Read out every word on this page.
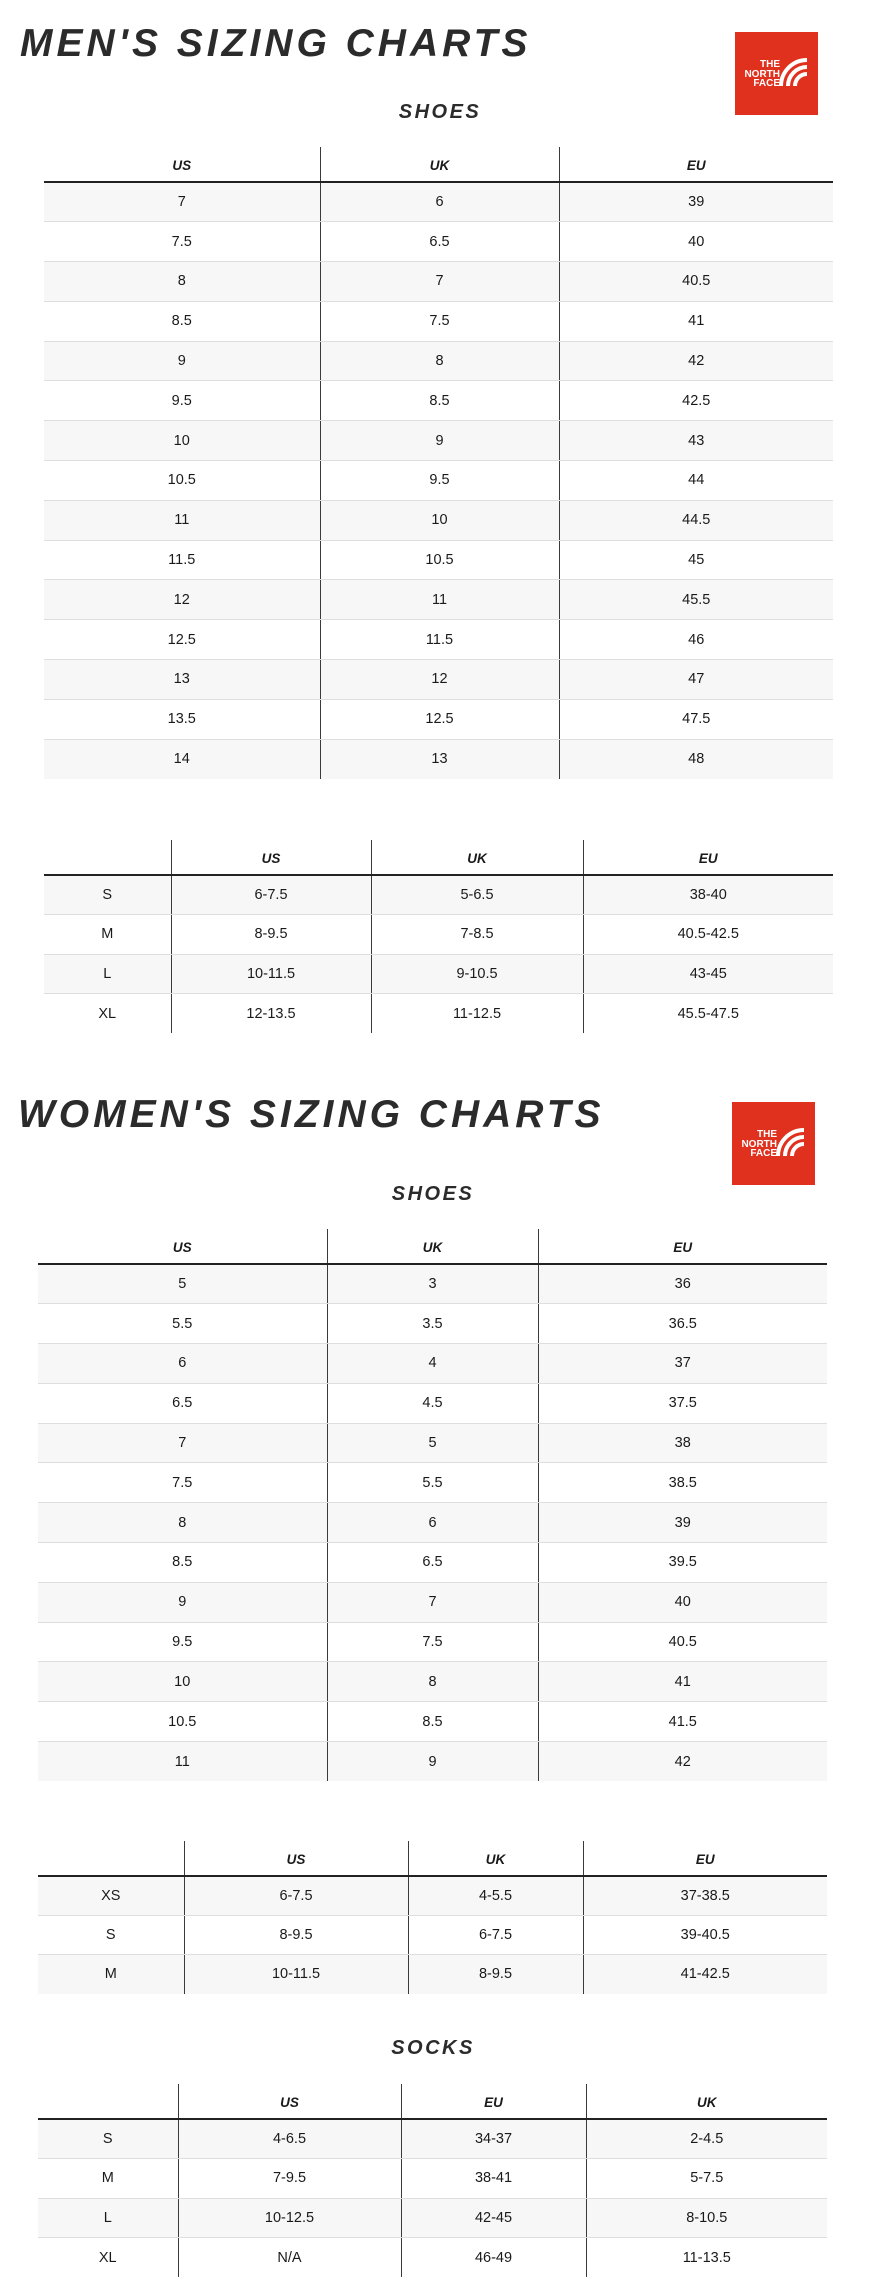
MEN'S SIZING CHARTS	THE
NORTH
FACE
SHOES
US	UK	EU
7	6	39
7.5	6.5	40
8	7	40.5
8.5	7.5	41
9	8	42
9.5	8.5	42.5
10	9	43
10.5	9.5	44
11	10	44.5
11.5	10.5	45
12	11	45.5
12.5	11.5	46
13	12	47
13.5	12.5	47.5
14	13	48
	US	UK	EU
S	6-7.5	5-6.5	38-40
M	8-9.5	7-8.5	40.5-42.5
L	10-11.5	9-10.5	43-45
XL	12-13.5	11-12.5	45.5-47.5
WOMEN'S SIZING CHARTS	THE
NORTH
FACE
SHOES
US	UK	EU
5	3	36
5.5	3.5	36.5
6	4	37
6.5	4.5	37.5
7	5	38
7.5	5.5	38.5
8	6	39
8.5	6.5	39.5
9	7	40
9.5	7.5	40.5
10	8	41
10.5	8.5	41.5
11	9	42
	US	UK	EU
XS	6-7.5	4-5.5	37-38.5
S	8-9.5	6-7.5	39-40.5
M	10-11.5	8-9.5	41-42.5
SOCKS
	US	EU	UK
S	4-6.5	34-37	2-4.5
M	7-9.5	38-41	5-7.5
L	10-12.5	42-45	8-10.5
XL	N/A	46-49	11-13.5
